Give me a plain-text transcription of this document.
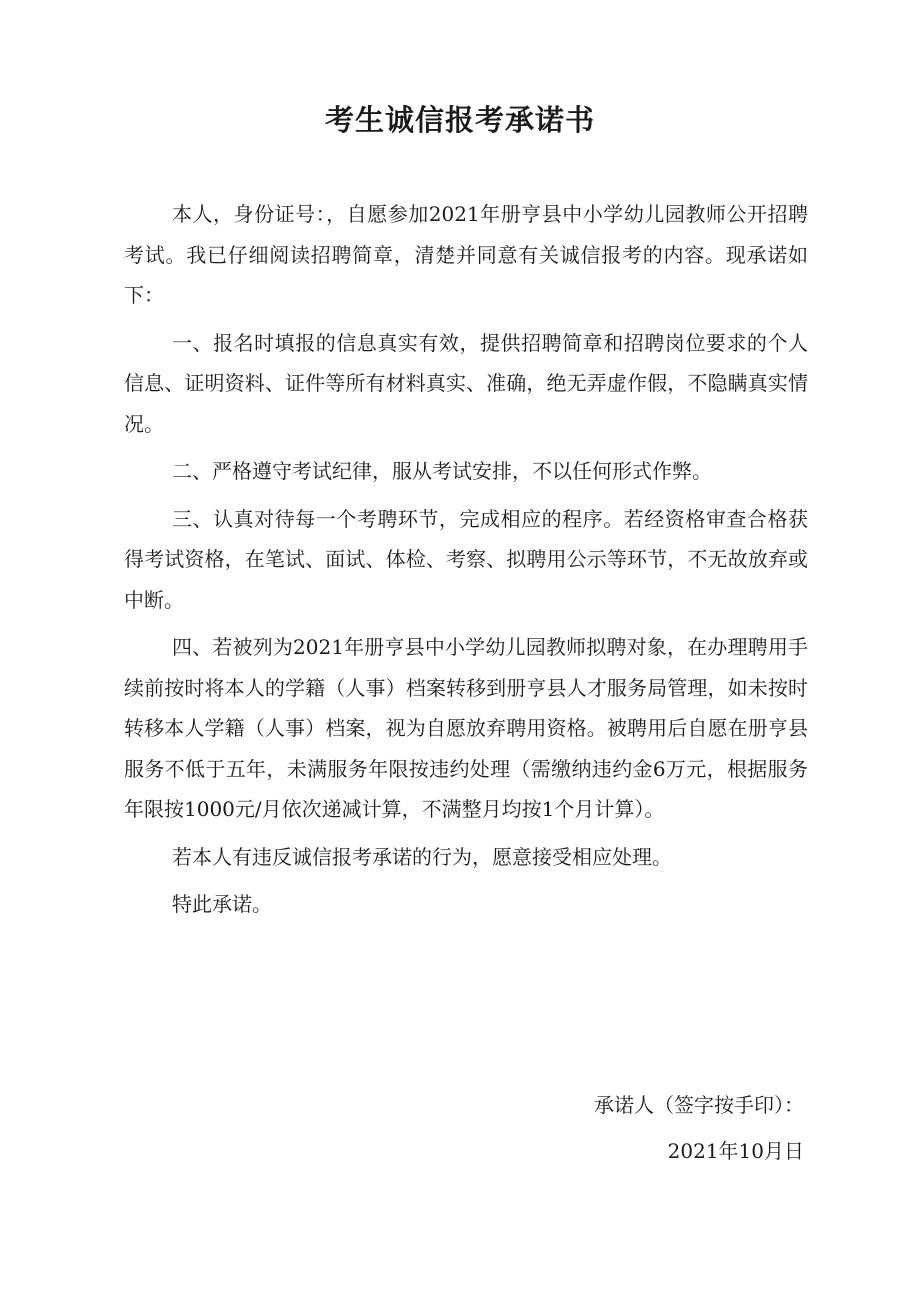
考生诚信报考承诺书

本人，身份证号：，自愿参加2021年册亨县中小学幼儿园教师公开招聘考试。我已仔细阅读招聘简章，清楚并同意有关诚信报考的内容。现承诺如下：

一、报名时填报的信息真实有效，提供招聘简章和招聘岗位要求的个人信息、证明资料、证件等所有材料真实、准确，绝无弄虚作假，不隐瞒真实情况。

二、严格遵守考试纪律，服从考试安排，不以任何形式作弊。

三、认真对待每一个考聘环节，完成相应的程序。若经资格审查合格获得考试资格，在笔试、面试、体检、考察、拟聘用公示等环节，不无故放弃或中断。

四、若被列为2021年册亨县中小学幼儿园教师拟聘对象，在办理聘用手续前按时将本人的学籍（人事）档案转移到册亨县人才服务局管理，如未按时转移本人学籍（人事）档案，视为自愿放弃聘用资格。被聘用后自愿在册亨县服务不低于五年，未满服务年限按违约处理（需缴纳违约金6万元，根据服务年限按1000元/月依次递减计算，不满整月均按1个月计算）。

若本人有违反诚信报考承诺的行为，愿意接受相应处理。

特此承诺。

承诺人（签字按手印）：
2021年10月日
